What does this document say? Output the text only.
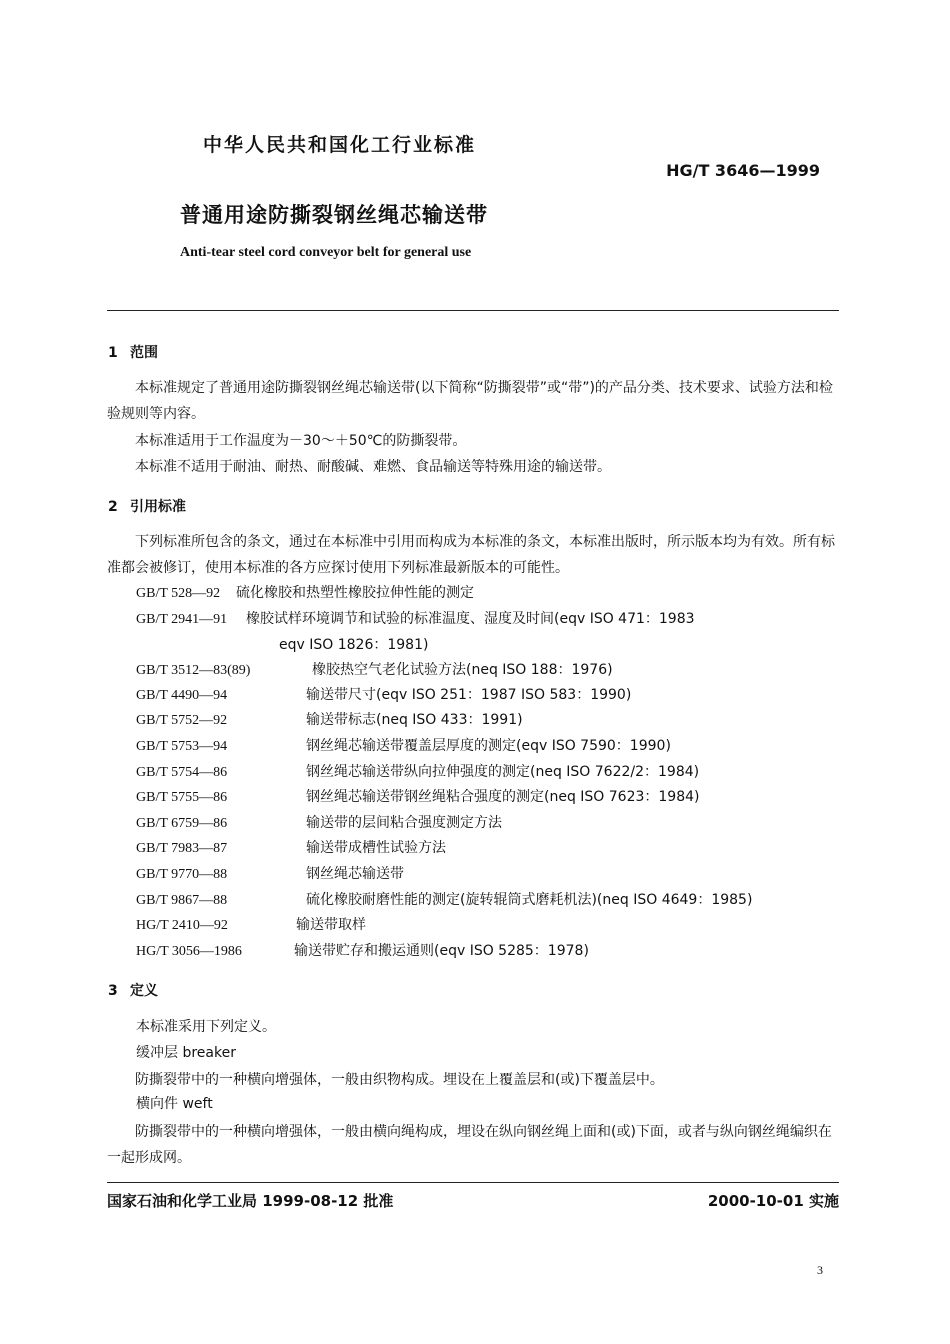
中华人民共和国化工行业标准
HG/T 3646—1999
普通用途防撕裂钢丝绳芯输送带
Anti-tear steel cord conveyor belt for general use
1 范围
本标准规定了普通用途防撕裂钢丝绳芯输送带(以下简称“防撕裂带”或“带”)的产品分类、技术要求、试验方法和检验规则等内容。
本标准适用于工作温度为－30～＋50℃的防撕裂带。
本标准不适用于耐油、耐热、耐酸碱、难燃、食品输送等特殊用途的输送带。
2 引用标准
下列标准所包含的条文，通过在本标准中引用而构成为本标准的条文，本标准出版时，所示版本均为有效。所有标准都会被修订，使用本标准的各方应探讨使用下列标准最新版本的可能性。
GB/T 528—92 硫化橡胶和热塑性橡胶拉伸性能的测定
GB/T 2941—91 橡胶试样环境调节和试验的标准温度、湿度及时间(eqv ISO 471：1983
eqv ISO 1826：1981)
GB/T 3512—83(89)	橡胶热空气老化试验方法(neq ISO 188：1976)
GB/T 4490—94	输送带尺寸(eqv ISO 251：1987 ISO 583：1990)
GB/T 5752—92	输送带标志(neq ISO 433：1991)
GB/T 5753—94	钢丝绳芯输送带覆盖层厚度的测定(eqv ISO 7590：1990)
GB/T 5754—86	钢丝绳芯输送带纵向拉伸强度的测定(neq ISO 7622/2：1984)
GB/T 5755—86	钢丝绳芯输送带钢丝绳粘合强度的测定(neq ISO 7623：1984)
GB/T 6759—86	输送带的层间粘合强度测定方法
GB/T 7983—87	输送带成槽性试验方法
GB/T 9770—88	钢丝绳芯输送带
GB/T 9867—88	硫化橡胶耐磨性能的测定(旋转辊筒式磨耗机法)(neq ISO 4649：1985)
HG/T 2410—92	输送带取样
HG/T 3056—1986	输送带贮存和搬运通则(eqv ISO 5285：1978)
3 定义
本标准采用下列定义。
缓冲层 breaker
防撕裂带中的一种横向增强体，一般由织物构成。埋设在上覆盖层和(或)下覆盖层中。
横向件 weft
防撕裂带中的一种横向增强体，一般由横向绳构成，埋设在纵向钢丝绳上面和(或)下面，或者与纵向钢丝绳编织在一起形成网。
国家石油和化学工业局 1999-08-12 批准	2000-10-01 实施
3
